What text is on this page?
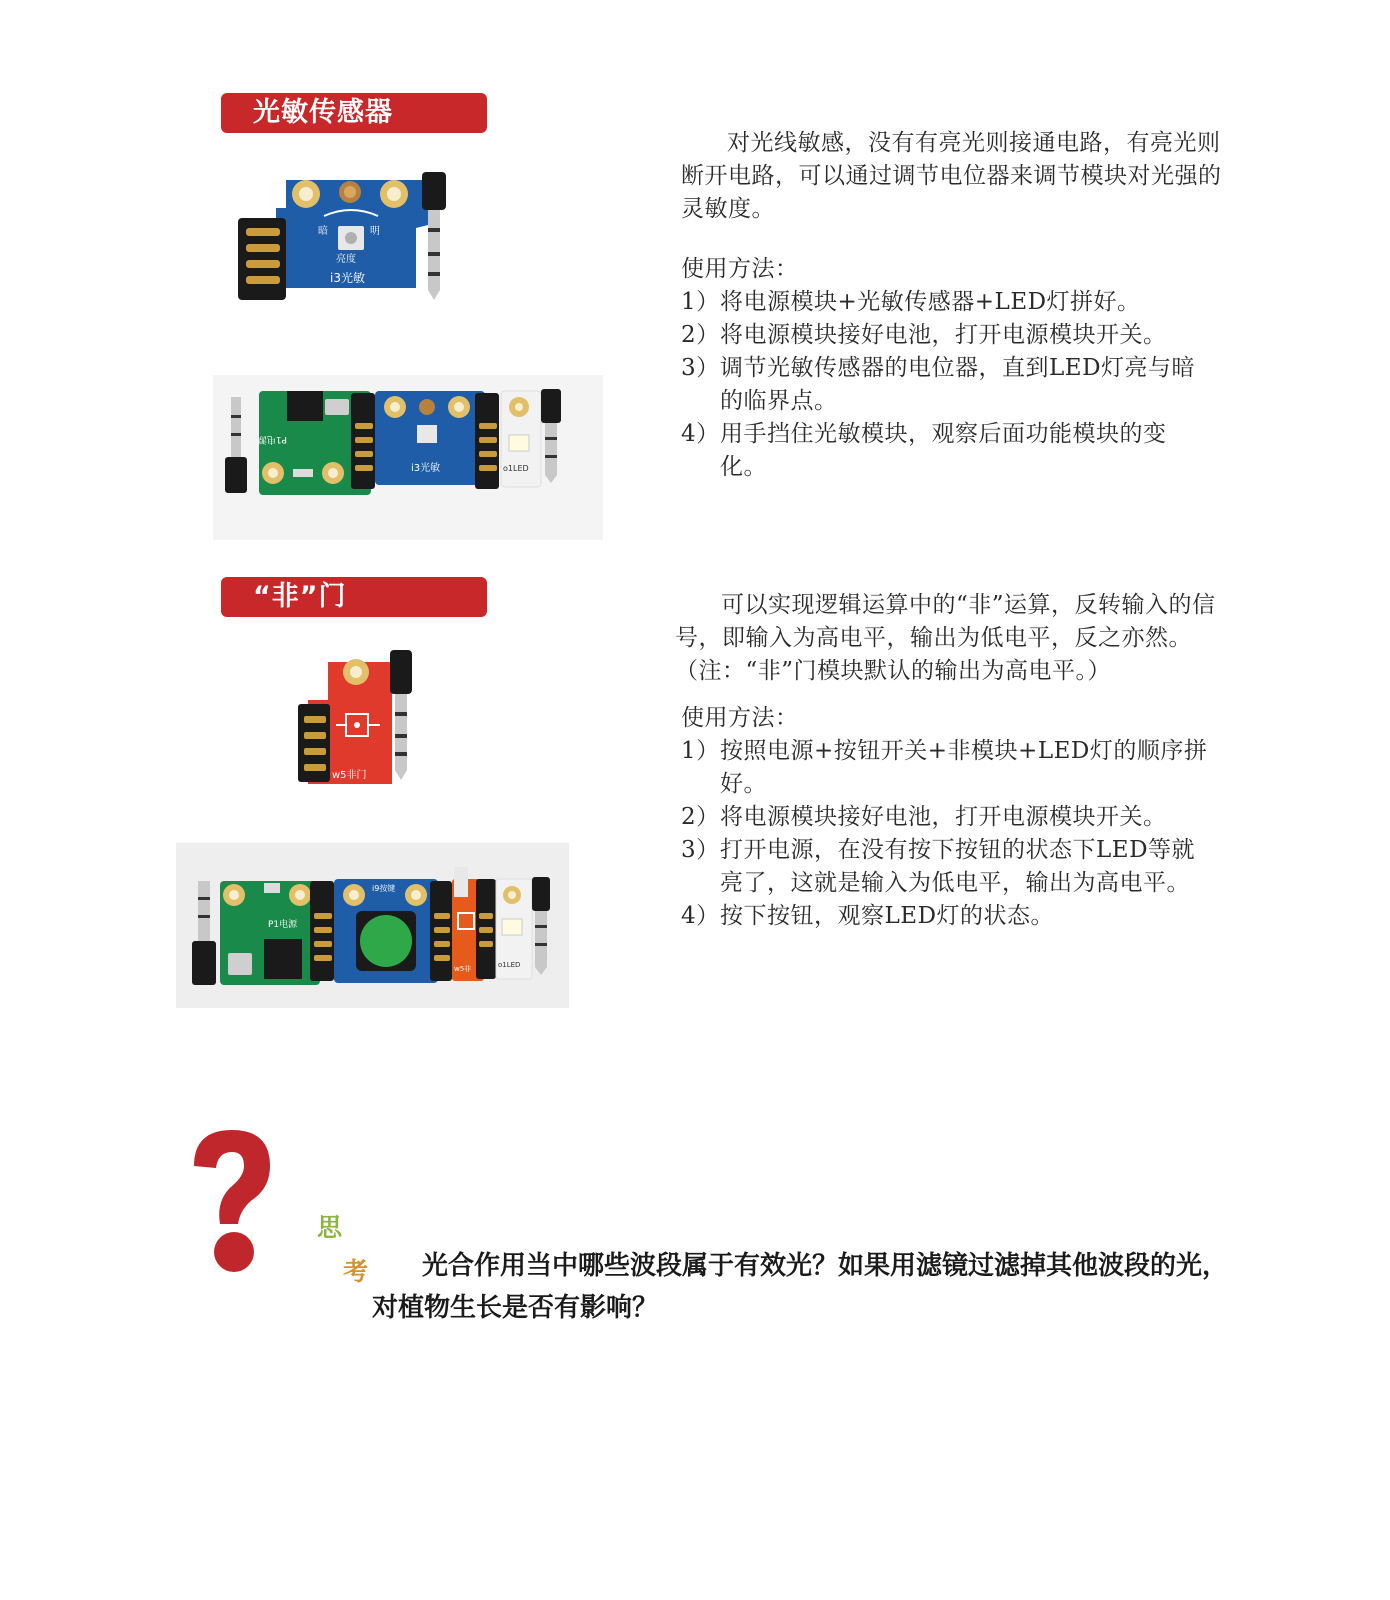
光敏传感器
暗	明
亮度
i3光敏
P1电源
i3光敏	o1LED

对光线敏感，没有有亮光则接通电路，有亮光则断开电路，可以通过调节电位器来调节模块对光强的灵敏度。

使用方法：

1） 将电源模块+光敏传感器+LED灯拼好。
2） 将电源模块接好电池，打开电源模块开关。
3） 调节光敏传感器的电位器，直到LED灯亮与暗的临界点。
4） 用手挡住光敏模块，观察后面功能模块的变化。
“非”门
w5非门
P1电源
i9按键
w5非	o1LED

可以实现逻辑运算中的“非”运算，反转输入的信号，即输入为高电平，输出为低电平，反之亦然。（注：“非”门模块默认的输出为高电平。）

使用方法：

1） 按照电源+按钮开关+非模块+LED灯的顺序拼好。
2） 将电源模块接好电池，打开电源模块开关。
3） 打开电源，在没有按下按钮的状态下LED等就亮了，这就是输入为低电平，输出为高电平。
4） 按下按钮，观察LED灯的状态。
思
考	光合作用当中哪些波段属于有效光？如果用滤镜过滤掉其他波段的光，对植物生长是否有影响？
